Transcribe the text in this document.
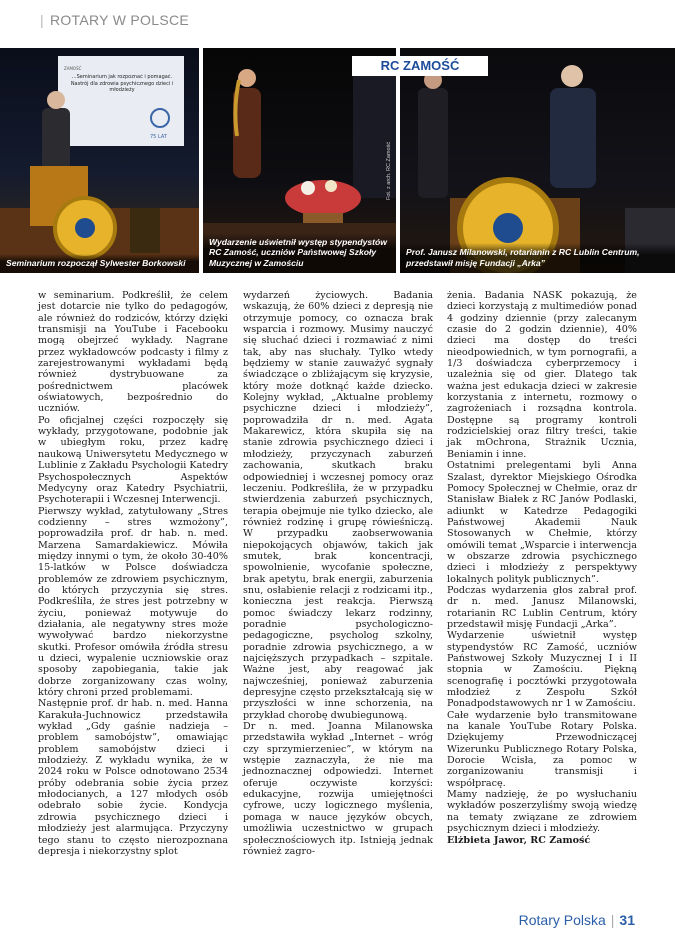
| ROTARY W POLSCE
ZAMOŚĆ
...Seminarium jak rozpoznać i pomagać. Nastrój dla zdrowia psychicznego dzieci i młodzieży
75 LAT
Seminarium rozpoczął Sylwester Borkowski
Wydarzenie uświetnił występ stypendystów RC Zamość, uczniów Państwowej Szkoły Muzycznej w Zamościu
Prof. Janusz Milanowski, rotarianin z RC Lublin Centrum, przedstawił misję Fundacji „Arka”
RC ZAMOŚĆ
Fot. z arch. RC Zamość

w seminarium. Podkreślił, że celem jest dotarcie nie tylko do pedagogów, ale również do rodziców, którzy dzięki transmisji na YouTube i Facebooku mogą obejrzeć wykłady. Nagrane przez wykładowców podcasty i filmy z zarejestrowanymi wykładami będą również dystrybuowane za pośrednictwem placówek oświatowych, bezpośrednio do uczniów.

Po oficjalnej części rozpoczęły się wykłady, przygotowane, podobnie jak w ubiegłym roku, przez kadrę naukową Uniwersytetu Medycznego w Lublinie z Zakładu Psychologii Katedry Psychospołecznych Aspektów Medycyny oraz Katedry Psychiatrii, Psychoterapii i Wczesnej Interwencji.

Pierwszy wykład, zatytułowany „Stres codzienny – stres wzmożony”, poprowadziła prof. dr hab. n. med. Marzena Samardakiewicz. Mówiła między innymi o tym, że około 30-40% 15-latków w Polsce doświadcza problemów ze zdrowiem psychicznym, do których przyczynia się stres. Podkreśliła, że stres jest potrzebny w życiu, ponieważ motywuje do działania, ale negatywny stres może wywoływać bardzo niekorzystne skutki. Profesor omówiła źródła stresu u dzieci, wypalenie uczniowskie oraz sposoby zapobiegania, takie jak dobrze zorganizowany czas wolny, który chroni przed problemami.

Następnie prof. dr hab. n. med. Hanna Karakuła-Juchnowicz przedstawiła wykład „Gdy gaśnie nadzieja – problem samobójstw”, omawiając problem samobójstw dzieci i młodzieży. Z wykładu wynika, że w 2024 roku w Polsce odnotowano 2534 próby odebrania sobie życia przez młodocianych, a 127 młodych osób odebrało sobie życie. Kondycja zdrowia psychicznego dzieci i młodzieży jest alarmująca. Przyczyny tego stanu to często nierozpoznana depresja i niekorzystny splot

wydarzeń życiowych. Badania wskazują, że 60% dzieci z depresją nie otrzymuje pomocy, co oznacza brak wsparcia i rozmowy. Musimy nauczyć się słuchać dzieci i rozmawiać z nimi tak, aby nas słuchały. Tylko wtedy będziemy w stanie zauważyć sygnały świadczące o zbliżającym się kryzysie, który może dotknąć każde dziecko. Kolejny wykład, „Aktualne problemy psychiczne dzieci i młodzieży”, poprowadziła dr n. med. Agata Makarewicz, która skupiła się na stanie zdrowia psychicznego dzieci i młodzieży, przyczynach zaburzeń zachowania, skutkach braku odpowiedniej i wczesnej pomocy oraz leczeniu. Podkreśliła, że w przypadku stwierdzenia zaburzeń psychicznych, terapia obejmuje nie tylko dziecko, ale również rodzinę i grupę rówieśniczą. W przypadku zaobserwowania niepokojących objawów, takich jak smutek, brak koncentracji, spowolnienie, wycofanie społeczne, brak apetytu, brak energii, zaburzenia snu, osłabienie relacji z rodzicami itp., konieczna jest reakcja. Pierwszą pomoc świadczy lekarz rodzinny, poradnie psychologiczno-pedagogiczne, psycholog szkolny, poradnie zdrowia psychicznego, a w najcięższych przypadkach – szpitale. Ważne jest, aby reagować jak najwcześniej, ponieważ zaburzenia depresyjne często przekształcają się w przyszłości w inne schorzenia, na przykład chorobę dwubiegunową.

Dr n. med. Joanna Milanowska przedstawiła wykład „Internet – wróg czy sprzymierzeniec”, w którym na wstępie zaznaczyła, że nie ma jednoznacznej odpowiedzi. Internet oferuje oczywiste korzyści: edukacyjne, rozwija umiejętności cyfrowe, uczy logicznego myślenia, pomaga w nauce języków obcych, umożliwia uczestnictwo w grupach społecznościowych itp. Istnieją jednak również zagro-

żenia. Badania NASK pokazują, że dzieci korzystają z multimediów ponad 4 godziny dziennie (przy zalecanym czasie do 2 godzin dziennie), 40% dzieci ma dostęp do treści nieodpowiednich, w tym pornografii, a 1/3 doświadcza cyberprzemocy i uzależnia się od gier. Dlatego tak ważna jest edukacja dzieci w zakresie korzystania z internetu, rozmowy o zagrożeniach i rozsądna kontrola. Dostępne są programy kontroli rodzicielskiej oraz filtry treści, takie jak mOchrona, Strażnik Ucznia, Beniamin i inne.

Ostatnimi prelegentami byli Anna Szalast, dyrektor Miejskiego Ośrodka Pomocy Społecznej w Chełmie, oraz dr Stanisław Białek z RC Janów Podlaski, adiunkt w Katedrze Pedagogiki Państwowej Akademii Nauk Stosowanych w Chełmie, którzy omówili temat „Wsparcie i interwencja w obszarze zdrowia psychicznego dzieci i młodzieży z perspektywy lokalnych polityk publicznych”.

Podczas wydarzenia głos zabrał prof. dr n. med. Janusz Milanowski, rotarianin RC Lublin Centrum, który przedstawił misję Fundacji „Arka”.

Wydarzenie uświetnił występ stypendystów RC Zamość, uczniów Państwowej Szkoły Muzycznej I i II stopnia w Zamościu. Piękną scenografię i pocztówki przygotowała młodzież z Zespołu Szkół Ponadpodstawowych nr 1 w Zamościu.

Całe wydarzenie było transmitowane na kanale YouTube Rotary Polska. Dziękujemy Przewodniczącej Wizerunku Publicznego Rotary Polska, Dorocie Wcisła, za pomoc w zorganizowaniu transmisji i współpracę.

Mamy nadzieję, że po wysłuchaniu wykładów poszerzyliśmy swoją wiedzę na tematy związane ze zdrowiem psychicznym dzieci i młodzieży.

Elżbieta Jawor, RC Zamość

Rotary Polska | 31
